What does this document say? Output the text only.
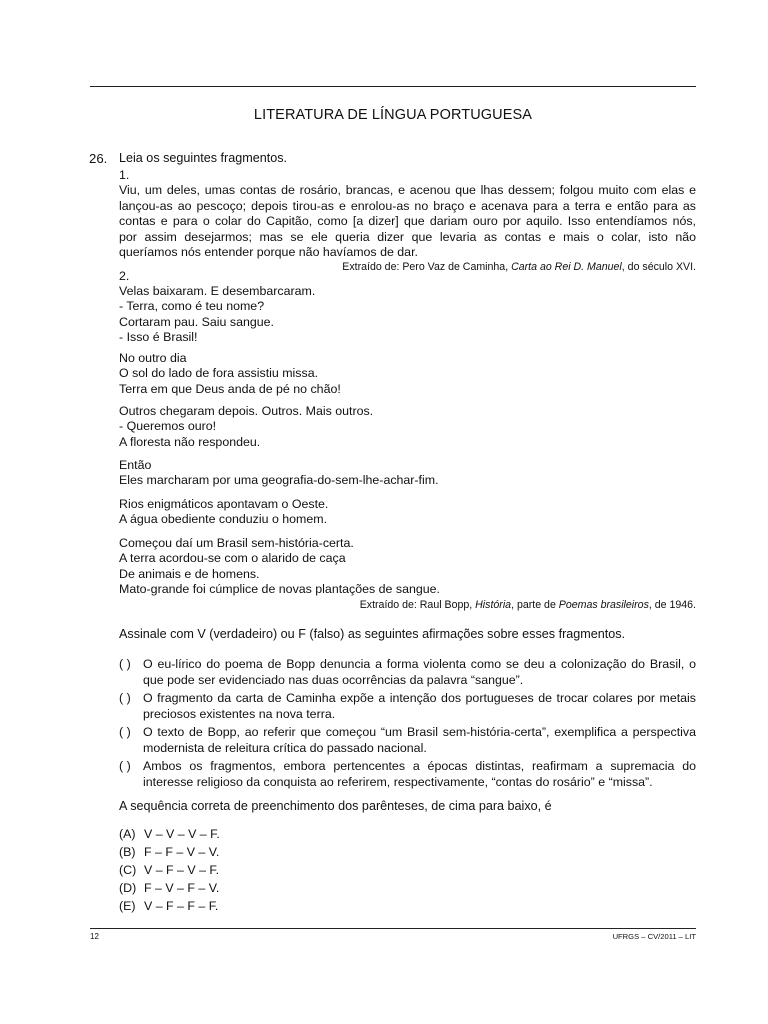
LITERATURA DE LÍNGUA PORTUGUESA
26. Leia os seguintes fragmentos.
1.
Viu, um deles, umas contas de rosário, brancas, e acenou que lhas dessem; folgou muito com elas e
lançou-as ao pescoço; depois tirou-as e enrolou-as no braço e acenava para a terra e então para as
contas e para o colar do Capitão, como [a dizer] que dariam ouro por aquilo. Isso entendíamos nós,
por assim desejarmos; mas se ele queria dizer que levaria as contas e mais o colar, isto não
queríamos nós entender porque não havíamos de dar.
Extraído de: Pero Vaz de Caminha, Carta ao Rei D. Manuel, do século XVI.
2.
Velas baixaram. E desembarcaram.
- Terra, como é teu nome?
Cortaram pau. Saiu sangue.
- Isso é Brasil!
No outro dia
O sol do lado de fora assistiu missa.
Terra em que Deus anda de pé no chão!
Outros chegaram depois. Outros. Mais outros.
- Queremos ouro!
A floresta não respondeu.
Então
Eles marcharam por uma geografia-do-sem-lhe-achar-fim.
Rios enigmáticos apontavam o Oeste.
A água obediente conduziu o homem.
Começou daí um Brasil sem-história-certa.
A terra acordou-se com o alarido de caça
De animais e de homens.
Mato-grande foi cúmplice de novas plantações de sangue.
Extraído de: Raul Bopp, História, parte de Poemas brasileiros, de 1946.
Assinale com V (verdadeiro) ou F (falso) as seguintes afirmações sobre esses fragmentos.
( ) O eu-lírico do poema de Bopp denuncia a forma violenta como se deu a colonização do Brasil, o que pode ser evidenciado nas duas ocorrências da palavra “sangue”.
( ) O fragmento da carta de Caminha expõe a intenção dos portugueses de trocar colares por metais preciosos existentes na nova terra.
( ) O texto de Bopp, ao referir que começou “um Brasil sem-história-certa”, exemplifica a perspectiva modernista de releitura crítica do passado nacional.
( ) Ambos os fragmentos, embora pertencentes a épocas distintas, reafirmam a supremacia do interesse religioso da conquista ao referirem, respectivamente, “contas do rosário” e “missa”.
A sequência correta de preenchimento dos parênteses, de cima para baixo, é
(A) V – V – V – F.
(B) F – F – V – V.
(C) V – F – V – F.
(D) F – V – F – V.
(E) V – F – F – F.
12	UFRGS – CV/2011 – LIT
